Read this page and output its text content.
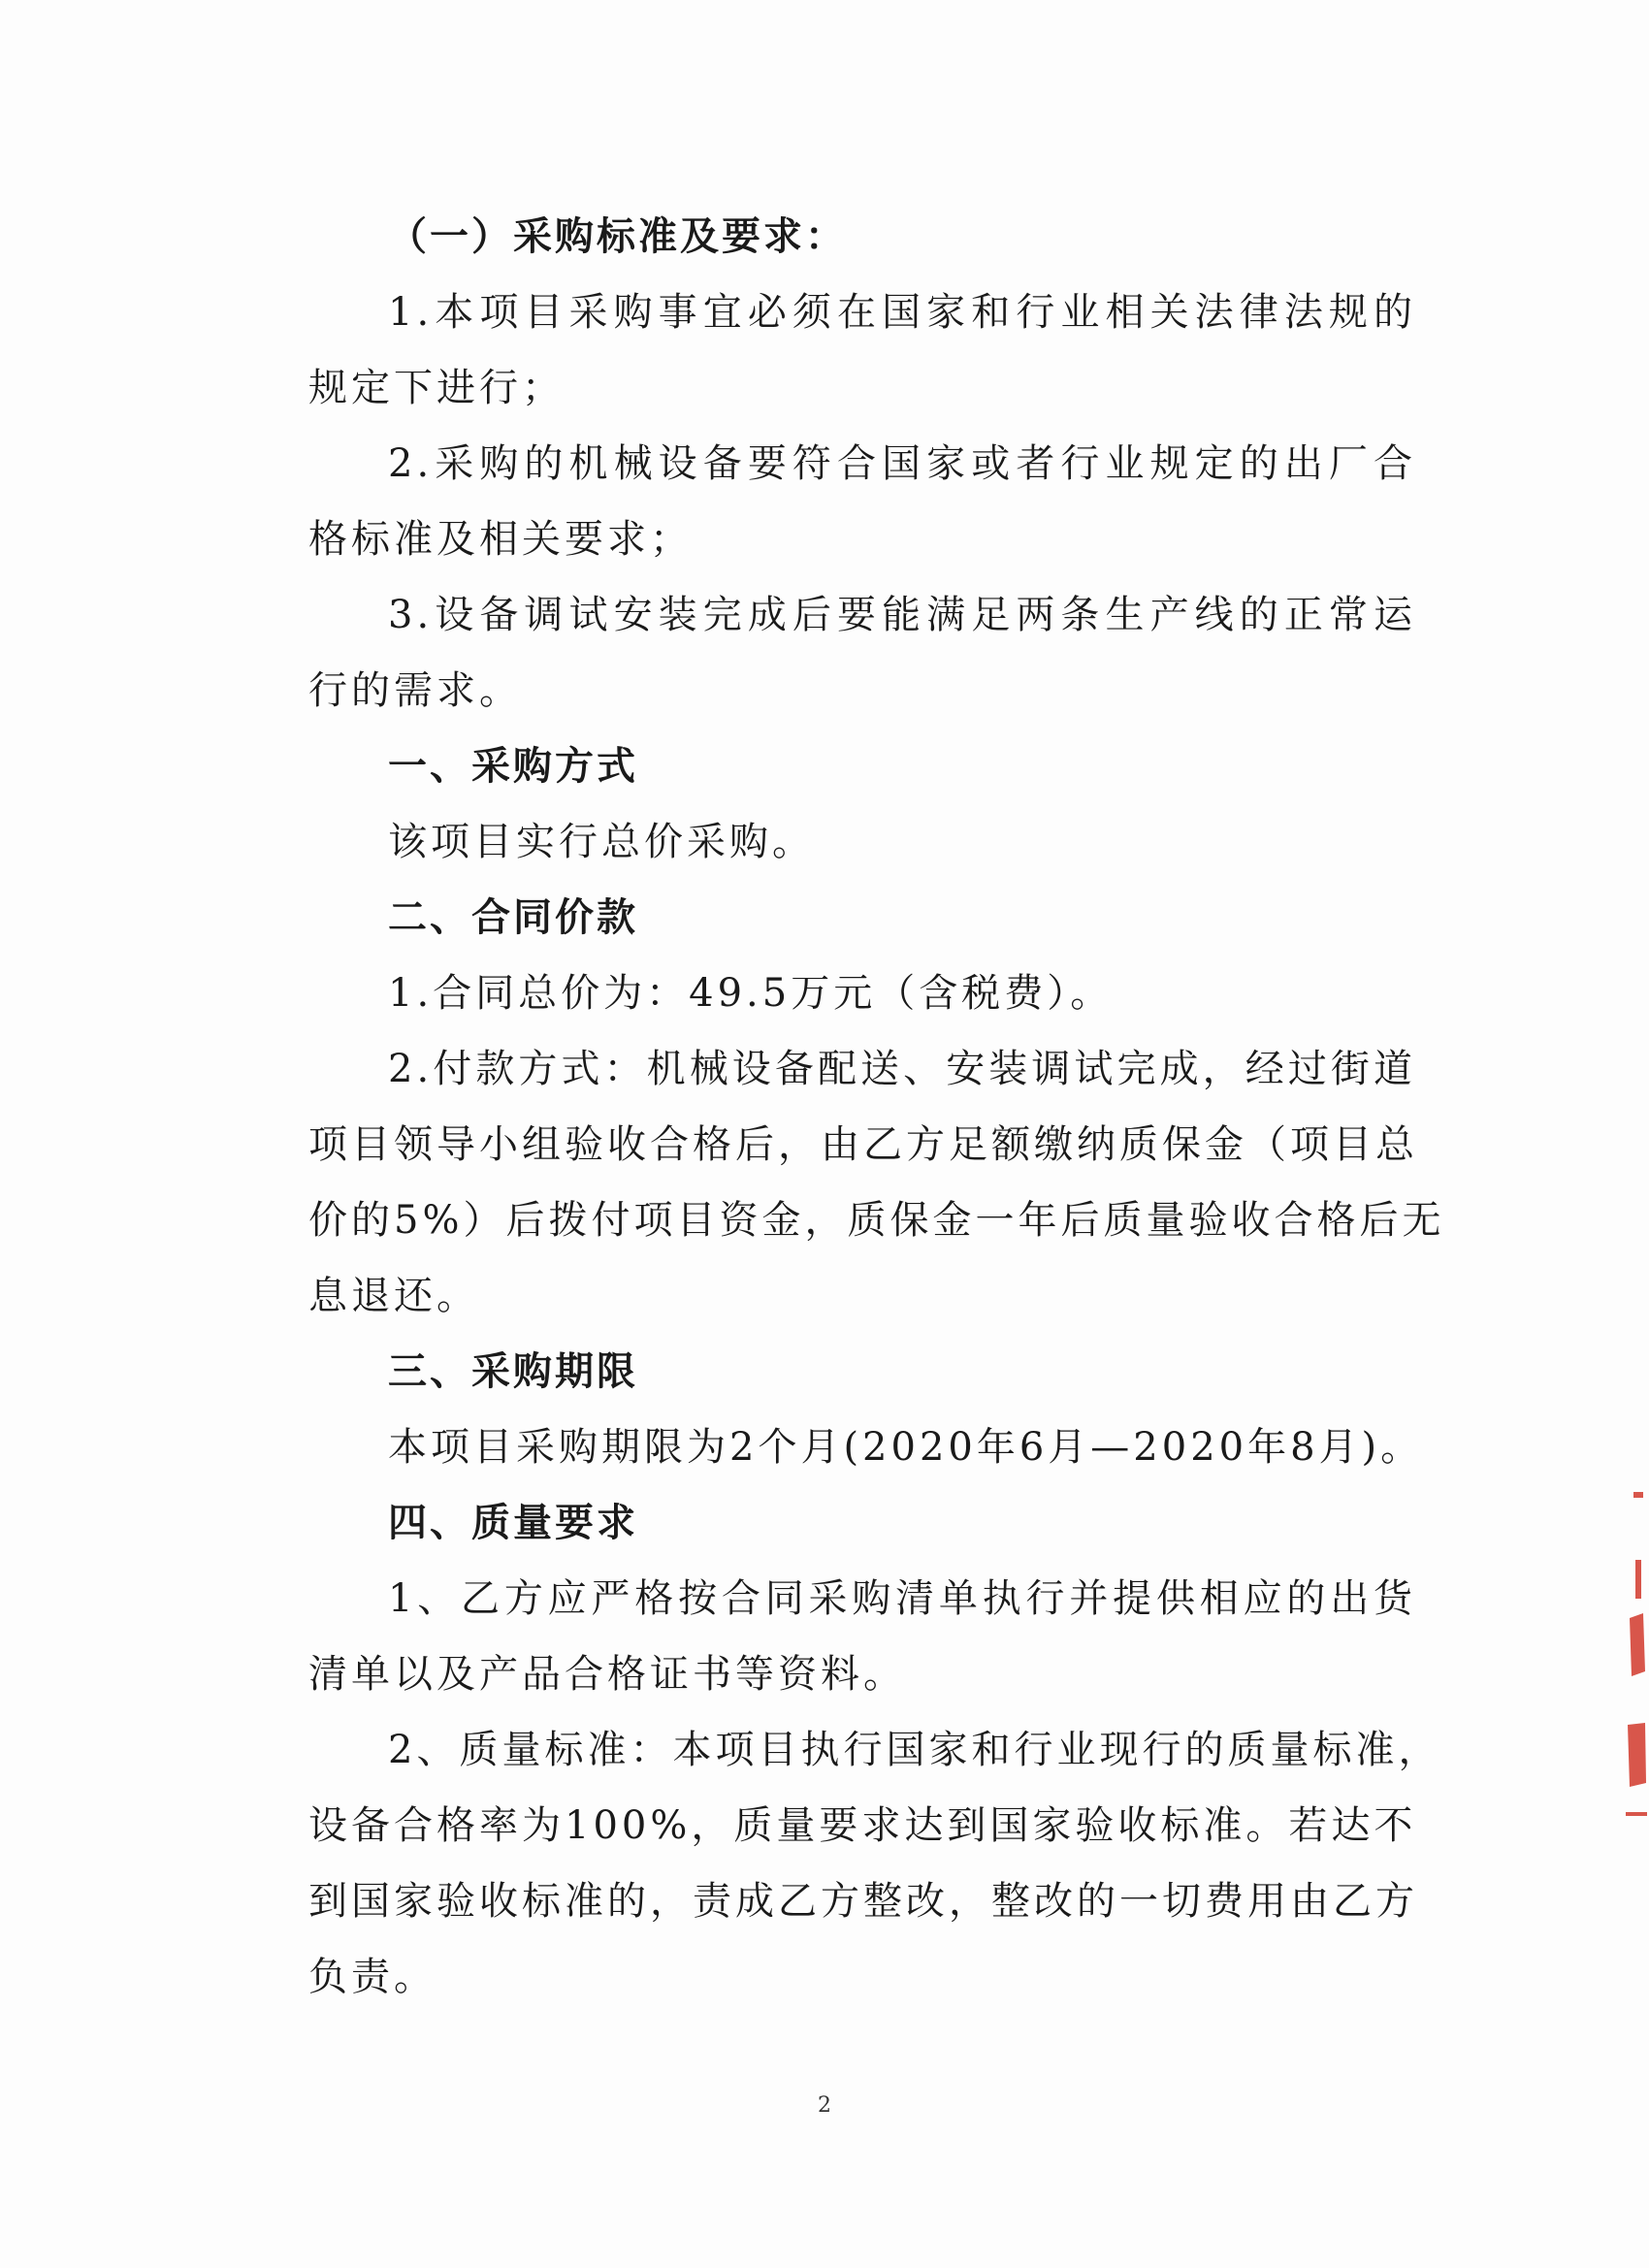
（一）采购标准及要求：

1.本项目采购事宜必须在国家和行业相关法律法规的

规定下进行；

2.采购的机械设备要符合国家或者行业规定的出厂合

格标准及相关要求；

3.设备调试安装完成后要能满足两条生产线的正常运

行的需求。

一、采购方式

该项目实行总价采购。

二、合同价款

1.合同总价为：49.5万元（含税费）。

2.付款方式：机械设备配送、安装调试完成，经过街道

项目领导小组验收合格后，由乙方足额缴纳质保金（项目总

价的5%）后拨付项目资金，质保金一年后质量验收合格后无

息退还。

三、采购期限

本项目采购期限为2个月(2020年6月—2020年8月)。

四、质量要求

1、乙方应严格按合同采购清单执行并提供相应的出货

清单以及产品合格证书等资料。

2、质量标准：本项目执行国家和行业现行的质量标准，

设备合格率为100%，质量要求达到国家验收标准。若达不

到国家验收标准的，责成乙方整改，整改的一切费用由乙方

负责。

2
